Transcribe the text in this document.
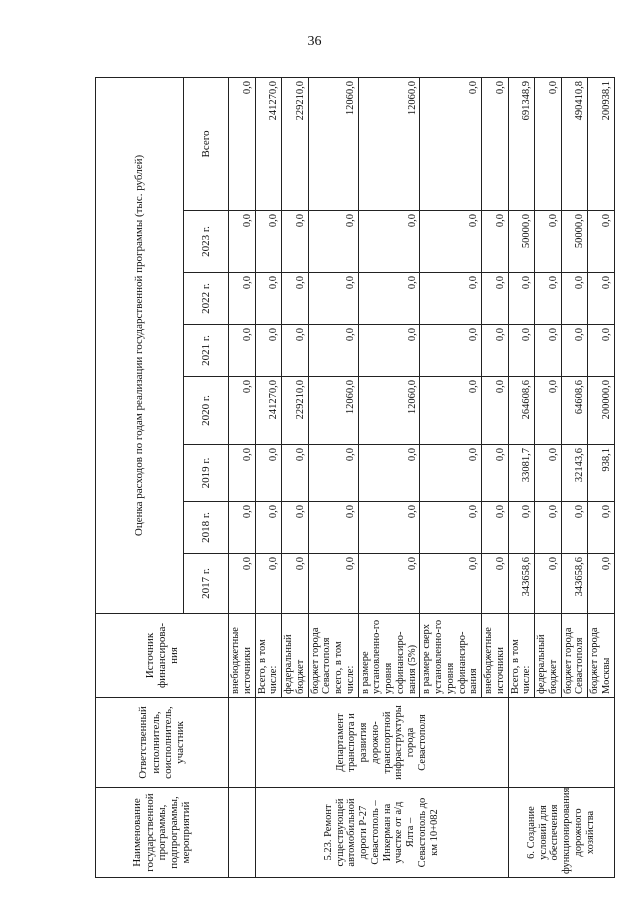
36
Наименование государственной программы, подпрограммы, мероприятий	Ответственный исполнитель, соисполнитель, участник	Источник финансирова-ния	Оценка расходов по годам реализации государственной программы (тыс. рублей)							
			2017 г.	2018 г.	2019 г.	2020 г.	2021 г.	2022 г.	2023 г.	Всего
		внебюджетные источники	0,0	0,0	0,0	0,0	0,0	0,0	0,0	0,0
5.23. Ремонт существующей автомобильной дороги Р-27 Севастополь – Инкерман на участке от а/д Ялта – Севастополь до км 10+082	Департамент транспорта и развития дорожно-транспортной инфраструктуры города Севастополя	Всего, в том числе:	0,0	0,0	0,0	241270,0	0,0	0,0	0,0	241270,0
		федеральный бюджет	0,0	0,0	0,0	229210,0	0,0	0,0	0,0	229210,0
		бюджет города Севастополя всего, в том числе:	0,0	0,0	0,0	12060,0	0,0	0,0	0,0	12060,0
		в размере установленно-го уровня софинансиро-вания (5%)	0,0	0,0	0,0	12060,0	0,0	0,0	0,0	12060,0
		в размере сверх установленно-го уровня софинансиро-вания	0,0	0,0	0,0	0,0	0,0	0,0	0,0	0,0
		внебюджетные источники	0,0	0,0	0,0	0,0	0,0	0,0	0,0	0,0
6. Создание условий для обеспечения функционирования дорожного хозяйства		Всего, в том числе:	343658,6	0,0	33081,7	264608,6	0,0	0,0	50000,0	691348,9
		федеральный бюджет	0,0	0,0	0,0	0,0	0,0	0,0	0,0	0,0
		бюджет города Севастополя	343658,6	0,0	32143,6	64608,6	0,0	0,0	50000,0	490410,8
		бюджет города Москвы	0,0	0,0	938,1	200000,0	0,0	0,0	0,0	200938,1
